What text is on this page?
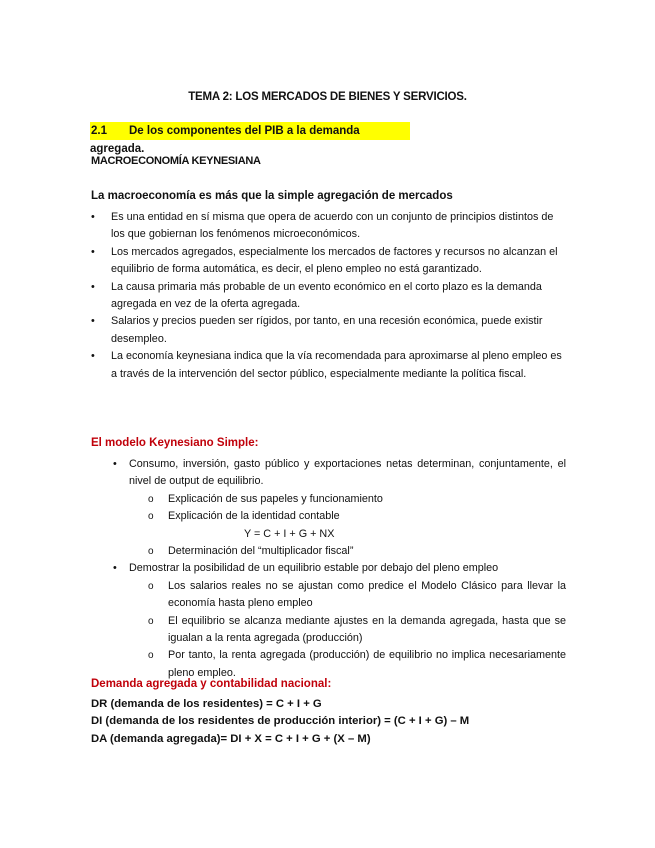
TEMA 2: LOS MERCADOS DE BIENES Y SERVICIOS.
2.1 De los componentes del PIB a la demanda agregada.
MACROECONOMÍA KEYNESIANA
La macroeconomía es más que la simple agregación de mercados
• Es una entidad en sí misma que opera de acuerdo con un conjunto de principios distintos de los que gobiernan los fenómenos microeconómicos.
• Los mercados agregados, especialmente los mercados de factores y recursos no alcanzan el equilibrio de forma automática, es decir, el pleno empleo no está garantizado.
• La causa primaria más probable de un evento económico en el corto plazo es la demanda agregada en vez de la oferta agregada.
• Salarios y precios pueden ser rígidos, por tanto, en una recesión económica, puede existir desempleo.
• La economía keynesiana indica que la vía recomendada para aproximarse al pleno empleo es a través de la intervención del sector público, especialmente mediante la política fiscal.
El modelo Keynesiano Simple:
• Consumo, inversión, gasto público y exportaciones netas determinan, conjuntamente, el nivel de output de equilibrio.
o Explicación de sus papeles y funcionamiento
o Explicación de la identidad contable
Y = C + I + G + NX
o Determinación del “multiplicador fiscal”
• Demostrar la posibilidad de un equilibrio estable por debajo del pleno empleo
o Los salarios reales no se ajustan como predice el Modelo Clásico para llevar la economía hasta pleno empleo
o El equilibrio se alcanza mediante ajustes en la demanda agregada, hasta que se igualan a la renta agregada (producción)
o Por tanto, la renta agregada (producción) de equilibrio no implica necesariamente pleno empleo.
Demanda agregada y contabilidad nacional:
DR (demanda de los residentes) = C + I + G
DI (demanda de los residentes de producción interior) = (C + I + G) – M
DA (demanda agregada)= DI + X = C + I + G + (X – M)
